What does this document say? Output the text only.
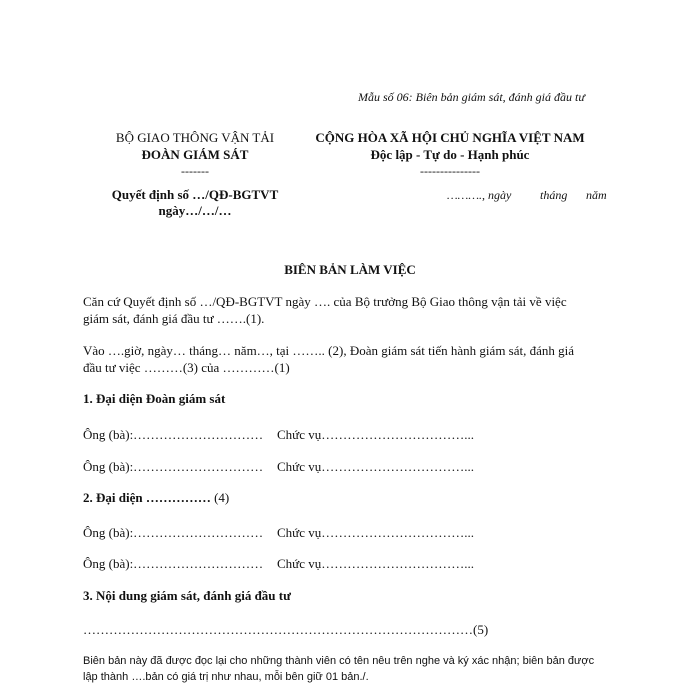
Mẫu số 06: Biên bản giám sát, đánh giá đầu tư
BỘ GIAO THÔNG VẬN TẢI
ĐOÀN GIÁM SÁT
-------
Quyết định số …/QĐ-BGTVT
ngày…/…/…
CỘNG HÒA XÃ HỘI CHỦ NGHĨA VIỆT NAM
Độc lập - Tự do - Hạnh phúc
---------------
………., ngày tháng năm
BIÊN BẢN LÀM VIỆC
Căn cứ Quyết định số …/QĐ-BGTVT ngày …. của Bộ trưởng Bộ Giao thông vận tải về việc
giám sát, đánh giá đầu tư …….(1).
Vào ….giờ, ngày… tháng… năm…, tại …….. (2), Đoàn giám sát tiến hành giám sát, đánh giá
đầu tư việc ………(3) của …………(1)
1. Đại diện Đoàn giám sát
Ông (bà):………………………… Chức vụ……………………………...
Ông (bà):………………………… Chức vụ……………………………...
2. Đại diện …………… (4)
Ông (bà):………………………… Chức vụ……………………………...
Ông (bà):………………………… Chức vụ……………………………...
3. Nội dung giám sát, đánh giá đầu tư
………………………………………………………………………………(5)
Biên bản này đã được đọc lại cho những thành viên có tên nêu trên nghe và ký xác nhận; biên bản được
lập thành ….bản có giá trị như nhau, mỗi bên giữ 01 bản./.
